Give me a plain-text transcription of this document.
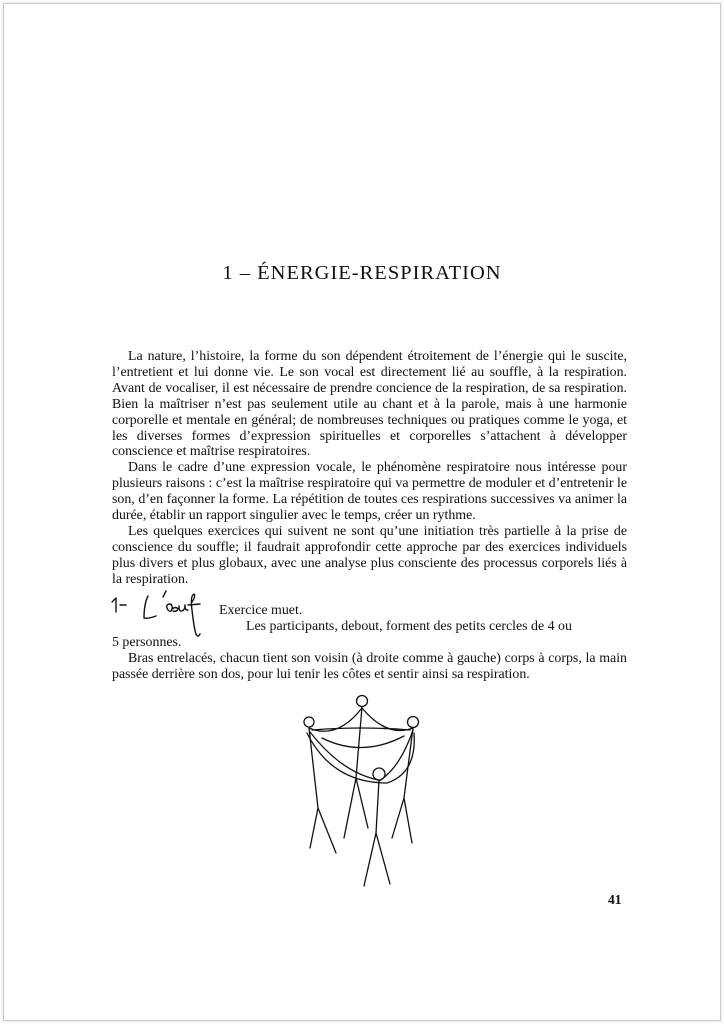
1 – ÉNERGIE-RESPIRATION

La nature, l’histoire, la forme du son dépendent étroitement de l’énergie qui le suscite, l’entretient et lui donne vie. Le son vocal est directement lié au souffle, à la respiration. Avant de vocaliser, il est nécessaire de prendre concience de la respiration, de sa respiration. Bien la maîtriser n’est pas seulement utile au chant et à la parole, mais à une harmonie corporelle et mentale en général; de nombreuses techniques ou pratiques comme le yoga, et les diverses formes d’expression spirituelles et corporelles s’attachent à développer conscience et maîtrise respiratoires.

Dans le cadre d’une expression vocale, le phénomène respiratoire nous intéresse pour plusieurs raisons : c’est la maîtrise respiratoire qui va permettre de moduler et d’entretenir le son, d’en façonner la forme. La répétition de toutes ces respirations successives va animer la durée, établir un rapport singulier avec le temps, créer un rythme.

Les quelques exercices qui suivent ne sont qu’une initiation très partielle à la prise de conscience du souffle; il faudrait approfondir cette approche par des exercices individuels plus divers et plus globaux, avec une analyse plus consciente des processus corporels liés à la respiration.

Exercice muet.
Les participants, debout, forment des petits cercles de 4 ou
5 personnes.

Bras entrelacés, chacun tient son voisin (à droite comme à gauche) corps à corps, la main passée derrière son dos, pour lui tenir les côtes et sentir ainsi sa respiration.

41
